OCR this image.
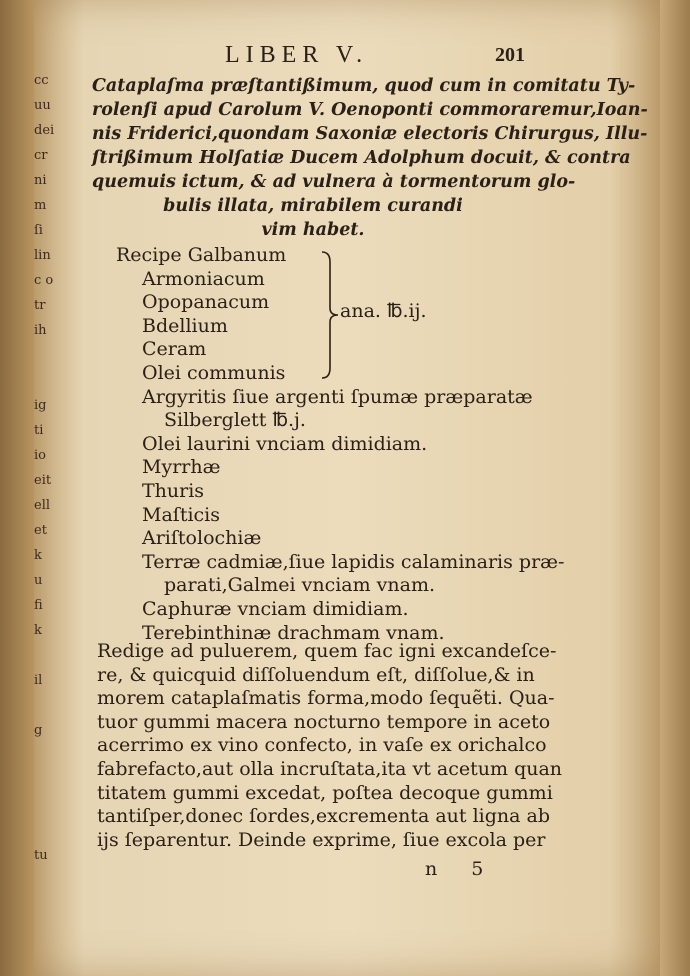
cc
uu
dei
cr
ni
m
ſi
lin
c o
tr
ih
ig
ti
io
eit
ell
et
k
u
fi
k
il
g
tu
LIBER V.	201
Cataplaſma præſtantißimum, quod cum in comitatu Ty-
rolenſi apud Carolum V. Oenoponti commoraremur,Ioan-
nis Friderici,quondam Saxoniæ electoris Chirurgus, Illu-
ſtrißimum Holſatiæ Ducem Adolphum docuit, & contra
quemuis ictum, & ad vulnera à tormentorum glo-
bulis illata, mirabilem curandi
vim habet.
Recipe Galbanum
Armoniacum
Opopanacum
Bdellium
Ceram
Olei communis
Argyritis ſiue argenti ſpumæ præparatæ
Silberglett ℔.j.
Olei laurini vnciam dimidiam.
Myrrhæ
Thuris
Maſticis
Ariſtolochiæ
Terræ cadmiæ,ſiue lapidis calaminaris præ-
parati,Galmei vnciam vnam.
Caphuræ vnciam dimidiam.
Terebinthinæ drachmam vnam.
ana. ℔.ij.
Redige ad puluerem, quem fac igni excandeſce-
re, & quicquid diſſoluendum eſt, diſſolue,& in
morem cataplaſmatis forma,modo ſequẽti. Qua-
tuor gummi macera nocturno tempore in aceto
acerrimo ex vino confecto, in vaſe ex orichalco
fabrefacto,aut olla incruſtata,ita vt acetum quan
titatem gummi excedat, poſtea decoque gummi
tantiſper,donec ſordes,excrementa aut ligna ab
ijs ſeparentur. Deinde exprime, ſiue excola per
n 5
